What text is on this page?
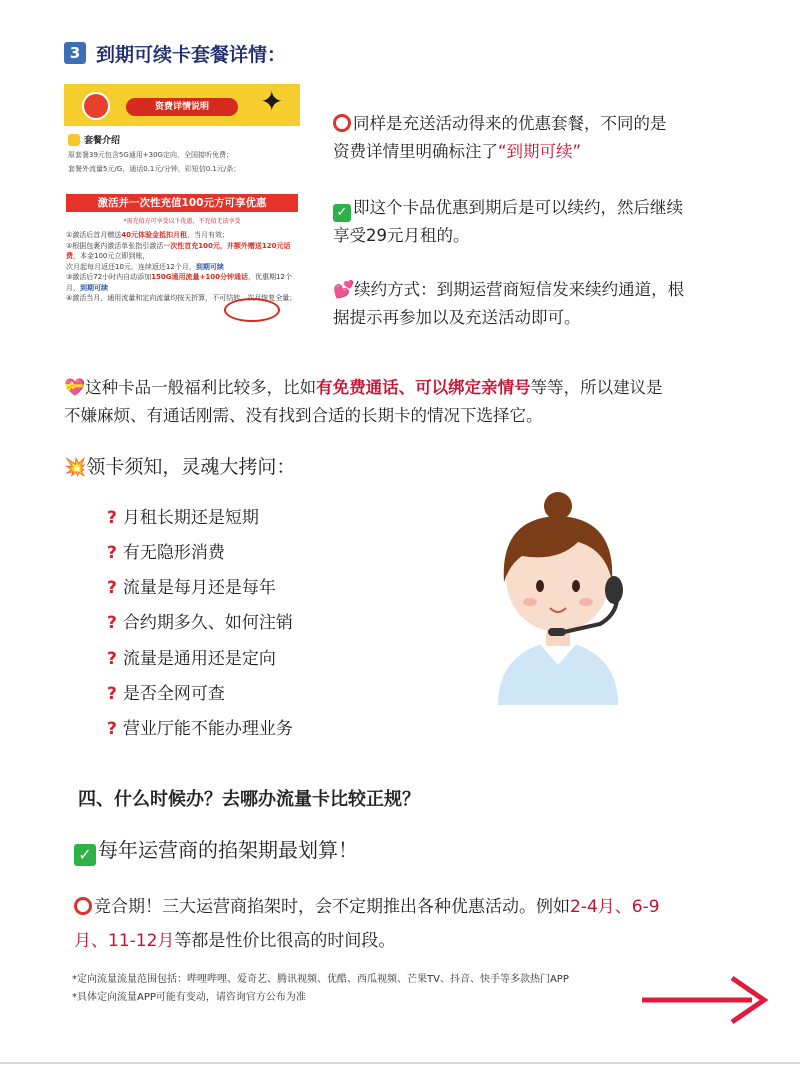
3 到期可续卡套餐详情：
资费详情说明	✦
套餐介绍
原套餐39元包含5G通用+30G定向，全国接听免费；
套餐外流量5元/G，通话0.1元/分钟，彩短信0.1元/条；
激活并一次性充值100元方可享优惠
*需充值方可享受以下优惠，不充值无法享受
①激活后首月赠送40元体验金抵扣月租，当月有效；
②根据包裹内激活单张指引激活一次性首充100元，并额外赠送120元话费，本金100元立即到账，
次月起每月返还10元，连续返还12个月，到期可续
③激活后72小时内自动添加150G通用流量+100分钟通话，优惠期12个月，到期可续
④激活当月，通用流量和定向流量均按天折算，不可结转，次月恢复全量；
同样是充送活动得来的优惠套餐，不同的是
资费详情里明确标注了“到期可续”
✓ 即这个卡品优惠到期后是可以续约，然后继续
享受29元月租的。
💕续约方式：到期运营商短信发来续约通道，根
据提示再参加以及充送活动即可。
💝这种卡品一般福利比较多，比如有免费通话、可以绑定亲情号等等，所以建议是
不嫌麻烦、有通话刚需、没有找到合适的长期卡的情况下选择它。
💥领卡须知，灵魂大拷问：
? 月租长期还是短期
? 有无隐形消费
? 流量是每月还是每年
? 合约期多久、如何注销
? 流量是通用还是定向
? 是否全网可查
? 营业厅能不能办理业务
四、什么时候办？去哪办流量卡比较正规？
✓ 每年运营商的掐架期最划算！
竞合期！三大运营商掐架时，会不定期推出各种优惠活动。例如2-4月、6-9
月、11-12月等都是性价比很高的时间段。
*定向流量流量范围包括：哔哩哔哩、爱奇艺、腾讯视频、优酷、西瓜视频、芒果TV、抖音、快手等多款热门APP
*具体定向流量APP可能有变动，请咨询官方公布为准
